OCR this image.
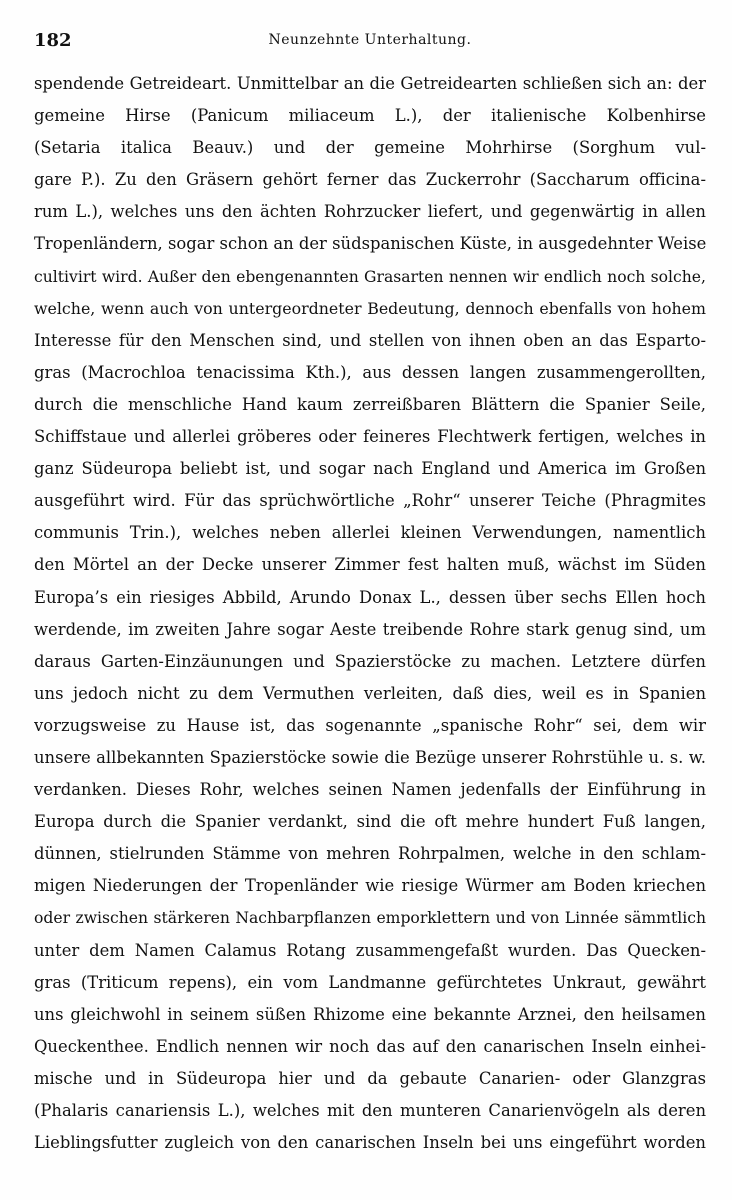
182	Neunzehnte Unterhaltung.
spendende Getreideart. Unmittelbar an die Getreidearten schließen sich an: der
gemeine Hirse (Panicum miliaceum L.), der italienische Kolbenhirse
(Setaria italica Beauv.) und der gemeine Mohrhirse (Sorghum vul-
gare P.). Zu den Gräsern gehört ferner das Zuckerrohr (Saccharum officina-
rum L.), welches uns den ächten Rohrzucker liefert, und gegenwärtig in allen
Tropenländern, sogar schon an der südspanischen Küste, in ausgedehnter Weise
cultivirt wird. Außer den ebengenannten Grasarten nennen wir endlich noch solche,
welche, wenn auch von untergeordneter Bedeutung, dennoch ebenfalls von hohem
Interesse für den Menschen sind, und stellen von ihnen oben an das Esparto-
gras (Macrochloa tenacissima Kth.), aus dessen langen zusammengerollten,
durch die menschliche Hand kaum zerreißbaren Blättern die Spanier Seile,
Schiffstaue und allerlei gröberes oder feineres Flechtwerk fertigen, welches in
ganz Südeuropa beliebt ist, und sogar nach England und America im Großen
ausgeführt wird. Für das sprüchwörtliche „Rohr“ unserer Teiche (Phragmites
communis Trin.), welches neben allerlei kleinen Verwendungen, namentlich
den Mörtel an der Decke unserer Zimmer fest halten muß, wächst im Süden
Europa’s ein riesiges Abbild, Arundo Donax L., dessen über sechs Ellen hoch
werdende, im zweiten Jahre sogar Aeste treibende Rohre stark genug sind, um
daraus Garten-Einzäunungen und Spazierstöcke zu machen. Letztere dürfen
uns jedoch nicht zu dem Vermuthen verleiten, daß dies, weil es in Spanien
vorzugsweise zu Hause ist, das sogenannte „spanische Rohr“ sei, dem wir
unsere allbekannten Spazierstöcke sowie die Bezüge unserer Rohrstühle u. s. w.
verdanken. Dieses Rohr, welches seinen Namen jedenfalls der Einführung in
Europa durch die Spanier verdankt, sind die oft mehre hundert Fuß langen,
dünnen, stielrunden Stämme von mehren Rohrpalmen, welche in den schlam-
migen Niederungen der Tropenländer wie riesige Würmer am Boden kriechen
oder zwischen stärkeren Nachbarpflanzen emporklettern und von Linnée sämmtlich
unter dem Namen Calamus Rotang zusammengefaßt wurden. Das Quecken-
gras (Triticum repens), ein vom Landmanne gefürchtetes Unkraut, gewährt
uns gleichwohl in seinem süßen Rhizome eine bekannte Arznei, den heilsamen
Queckenthee. Endlich nennen wir noch das auf den canarischen Inseln einhei-
mische und in Südeuropa hier und da gebaute Canarien- oder Glanzgras
(Phalaris canariensis L.), welches mit den munteren Canarienvögeln als deren
Lieblingsfutter zugleich von den canarischen Inseln bei uns eingeführt worden
